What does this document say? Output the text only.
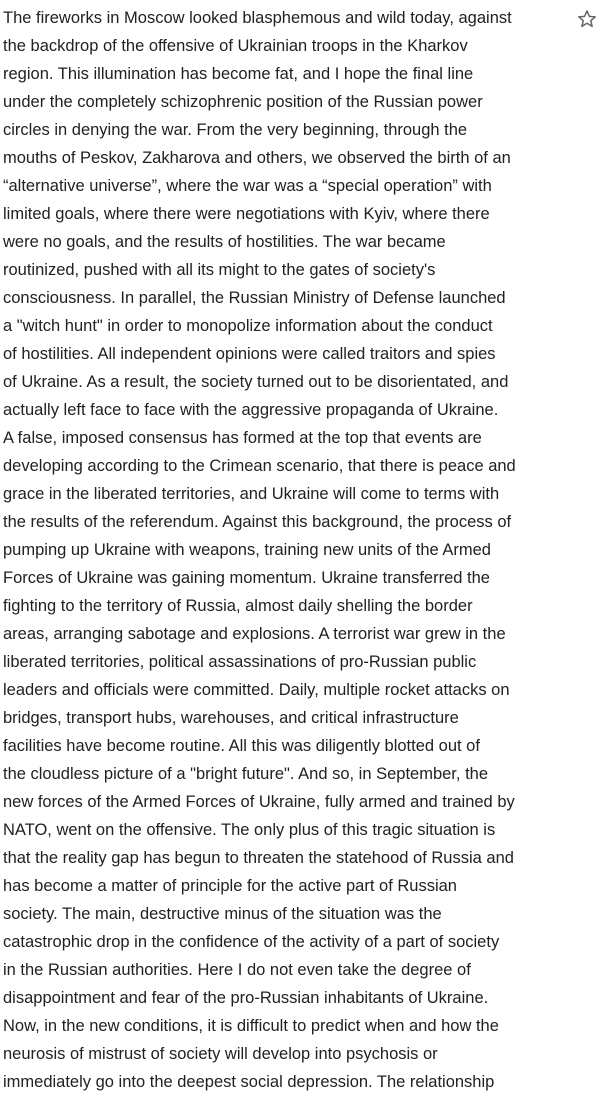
The fireworks in Moscow looked blasphemous and wild today, against
the backdrop of the offensive of Ukrainian troops in the Kharkov
region. This illumination has become fat, and I hope the final line
under the completely schizophrenic position of the Russian power
circles in denying the war. From the very beginning, through the
mouths of Peskov, Zakharova and others, we observed the birth of an
“alternative universe”, where the war was a “special operation” with
limited goals, where there were negotiations with Kyiv, where there
were no goals, and the results of hostilities. The war became
routinized, pushed with all its might to the gates of society's
consciousness. In parallel, the Russian Ministry of Defense launched
a "witch hunt" in order to monopolize information about the conduct
of hostilities. All independent opinions were called traitors and spies
of Ukraine. As a result, the society turned out to be disorientated, and
actually left face to face with the aggressive propaganda of Ukraine.
A false, imposed consensus has formed at the top that events are
developing according to the Crimean scenario, that there is peace and
grace in the liberated territories, and Ukraine will come to terms with
the results of the referendum. Against this background, the process of
pumping up Ukraine with weapons, training new units of the Armed
Forces of Ukraine was gaining momentum. Ukraine transferred the
fighting to the territory of Russia, almost daily shelling the border
areas, arranging sabotage and explosions. A terrorist war grew in the
liberated territories, political assassinations of pro-Russian public
leaders and officials were committed. Daily, multiple rocket attacks on
bridges, transport hubs, warehouses, and critical infrastructure
facilities have become routine. All this was diligently blotted out of
the cloudless picture of a "bright future". And so, in September, the
new forces of the Armed Forces of Ukraine, fully armed and trained by
NATO, went on the offensive. The only plus of this tragic situation is
that the reality gap has begun to threaten the statehood of Russia and
has become a matter of principle for the active part of Russian
society. The main, destructive minus of the situation was the
catastrophic drop in the confidence of the activity of a part of society
in the Russian authorities. Here I do not even take the degree of
disappointment and fear of the pro-Russian inhabitants of Ukraine.
Now, in the new conditions, it is difficult to predict when and how the
neurosis of mistrust of society will develop into psychosis or
immediately go into the deepest social depression. The relationship
